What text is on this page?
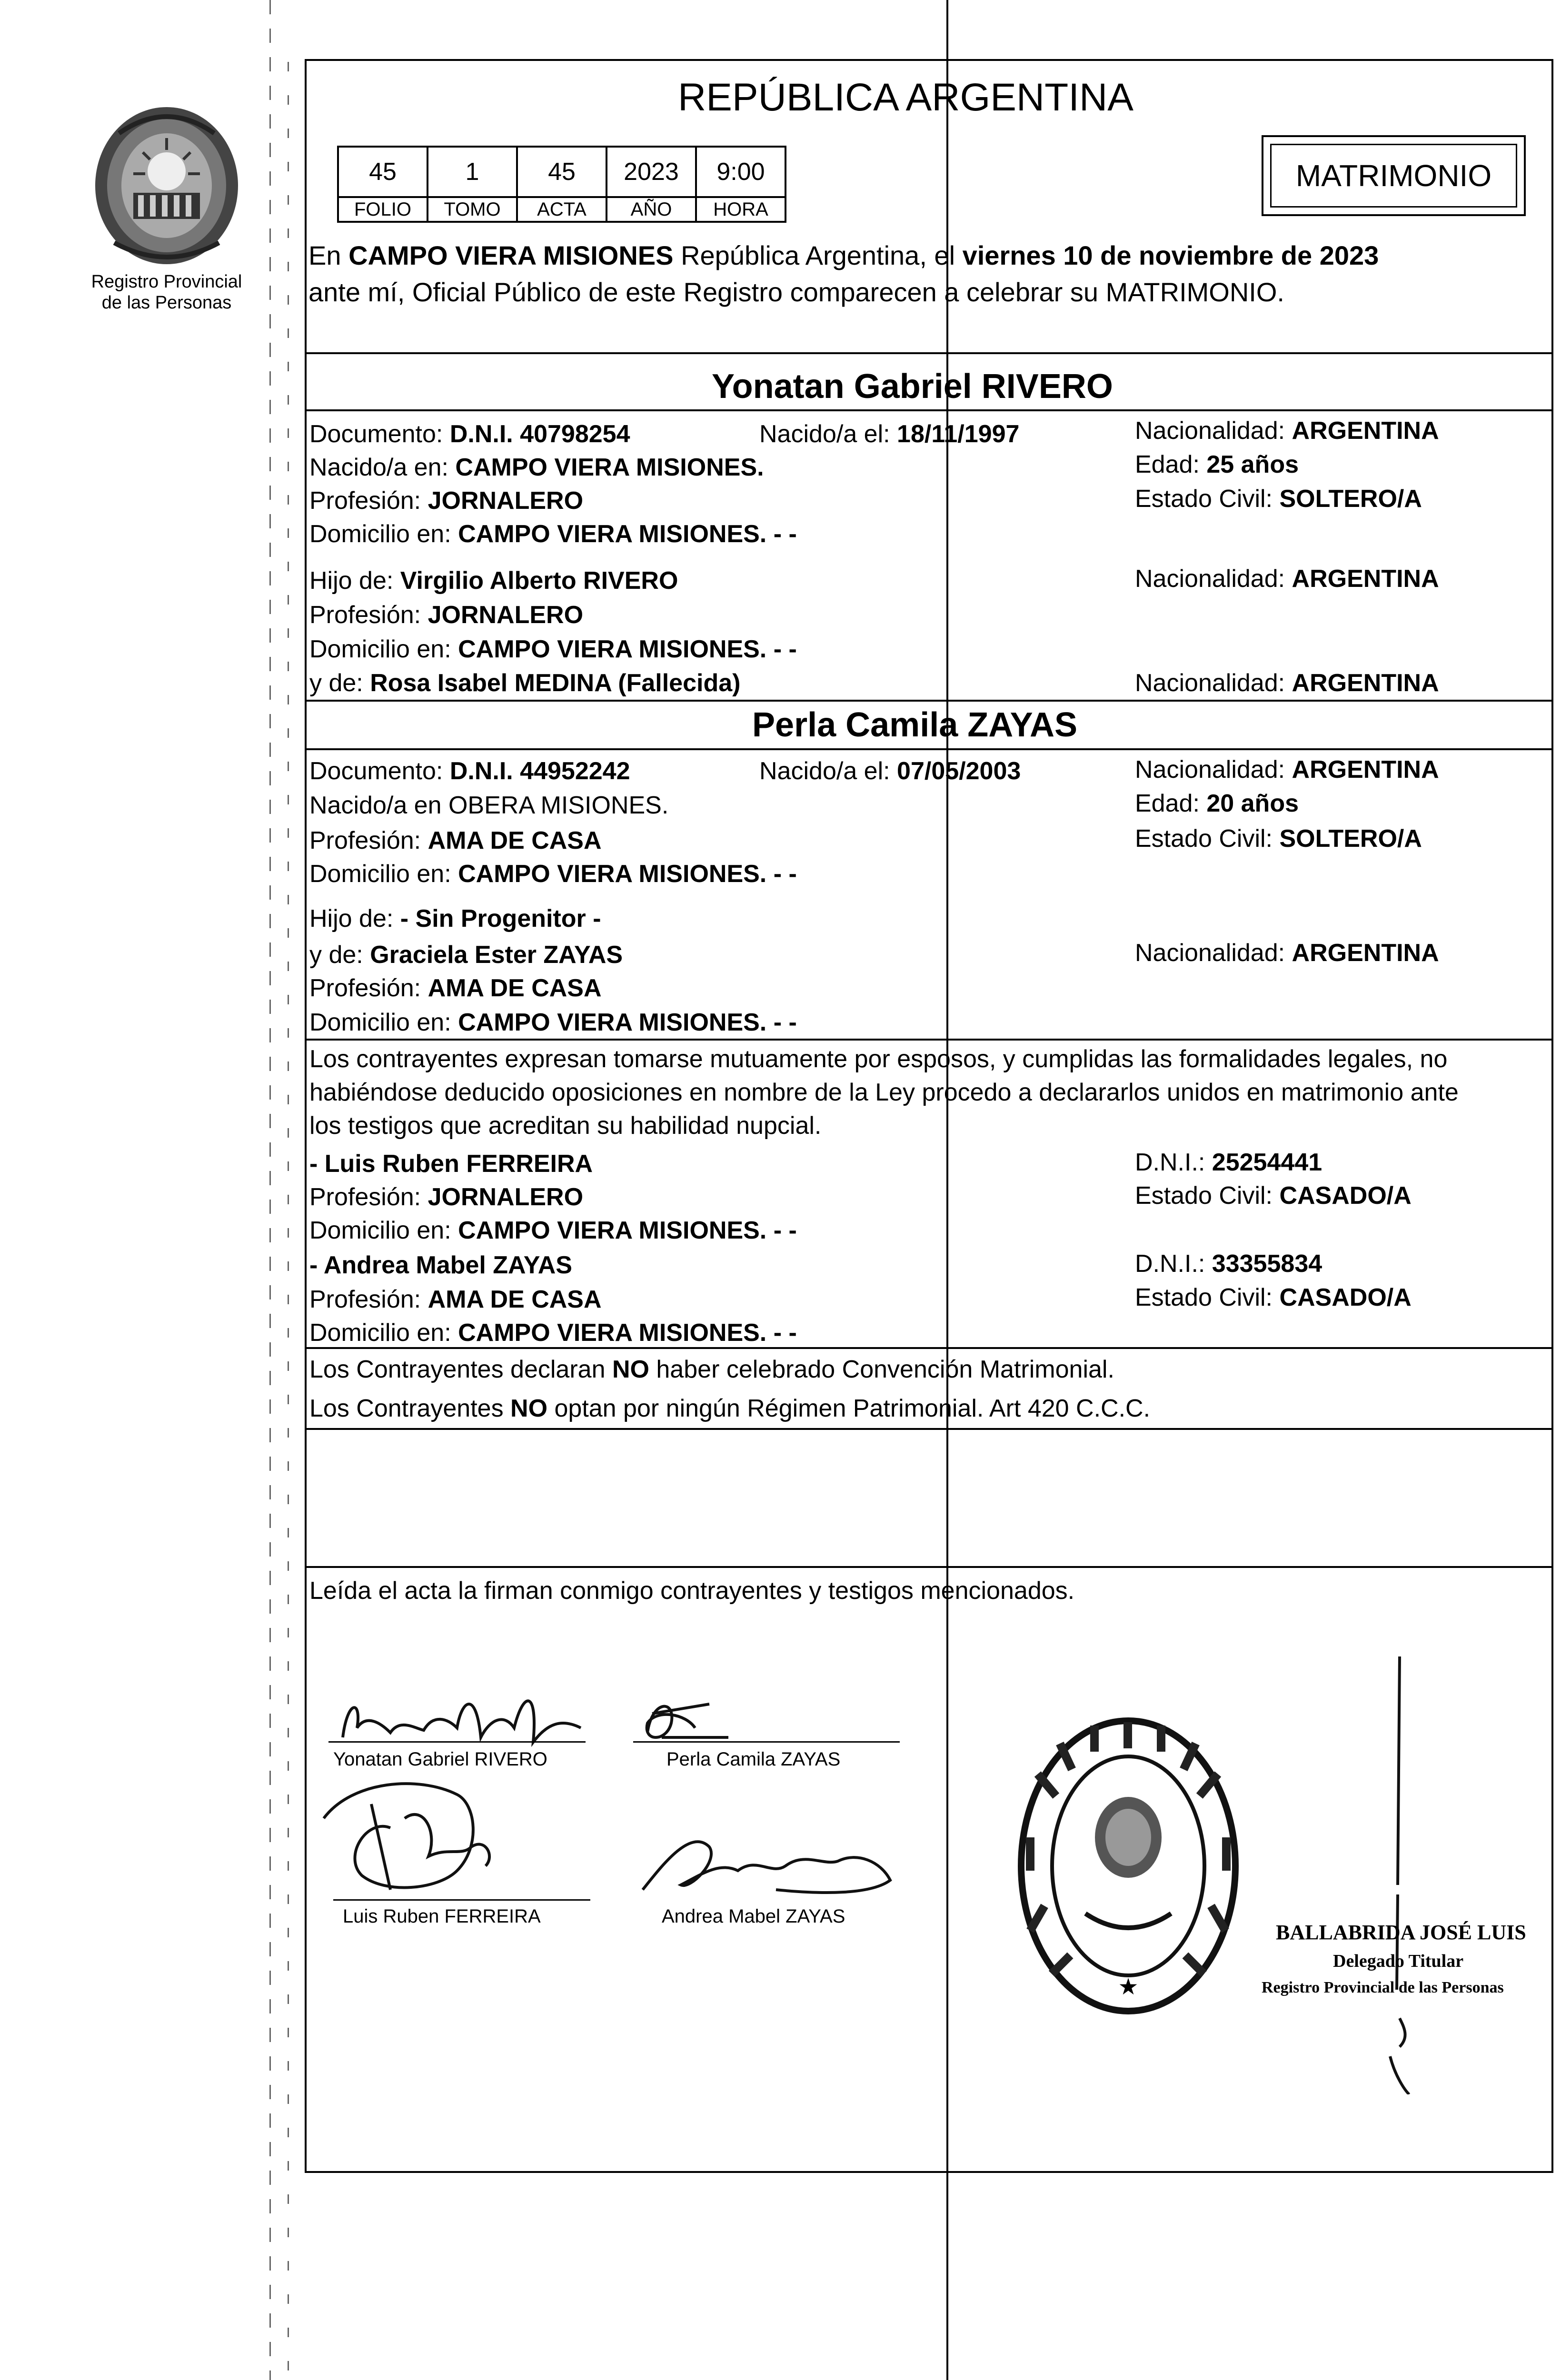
Registro Provincial
de las Personas
REPÚBLICA ARGENTINA
45	1	45	2023	9:00
FOLIO	TOMO	ACTA	AÑO	HORA
MATRIMONIO
En CAMPO VIERA MISIONES República Argentina, el viernes 10 de noviembre de 2023
ante mí, Oficial Público de este Registro comparecen a celebrar su MATRIMONIO.
Yonatan Gabriel RIVERO
Documento: D.N.I. 40798254	Nacido/a el: 18/11/1997	Nacionalidad: ARGENTINA
Nacido/a en: CAMPO VIERA MISIONES.	Edad: 25 años
Profesión: JORNALERO	Estado Civil: SOLTERO/A
Domicilio en: CAMPO VIERA MISIONES. - -
Hijo de: Virgilio Alberto RIVERO	Nacionalidad: ARGENTINA
Profesión: JORNALERO
Domicilio en: CAMPO VIERA MISIONES. - -
y de: Rosa Isabel MEDINA (Fallecida)	Nacionalidad: ARGENTINA
Perla Camila ZAYAS
Documento: D.N.I. 44952242	Nacido/a el: 07/05/2003	Nacionalidad: ARGENTINA
Nacido/a en OBERA MISIONES.	Edad: 20 años
Profesión: AMA DE CASA	Estado Civil: SOLTERO/A
Domicilio en: CAMPO VIERA MISIONES. - -
Hijo de: - Sin Progenitor -
y de: Graciela Ester ZAYAS	Nacionalidad: ARGENTINA
Profesión: AMA DE CASA
Domicilio en: CAMPO VIERA MISIONES. - -
Los contrayentes expresan tomarse mutuamente por esposos, y cumplidas las formalidades legales, no
habiéndose deducido oposiciones en nombre de la Ley procedo a declararlos unidos en matrimonio ante
los testigos que acreditan su habilidad nupcial.
- Luis Ruben FERREIRA	D.N.I.: 25254441
Profesión: JORNALERO	Estado Civil: CASADO/A
Domicilio en: CAMPO VIERA MISIONES. - -
- Andrea Mabel ZAYAS	D.N.I.: 33355834
Profesión: AMA DE CASA	Estado Civil: CASADO/A
Domicilio en: CAMPO VIERA MISIONES. - -
Los Contrayentes declaran NO haber celebrado Convención Matrimonial.
Los Contrayentes NO optan por ningún Régimen Patrimonial. Art 420 C.C.C.
Leída el acta la firman conmigo contrayentes y testigos mencionados.
Yonatan Gabriel RIVERO	Perla Camila ZAYAS
Luis Ruben FERREIRA	Andrea Mabel ZAYAS
★
BALLABRIDA JOSÉ LUIS
Delegado Titular
Registro Provincial de las Personas
